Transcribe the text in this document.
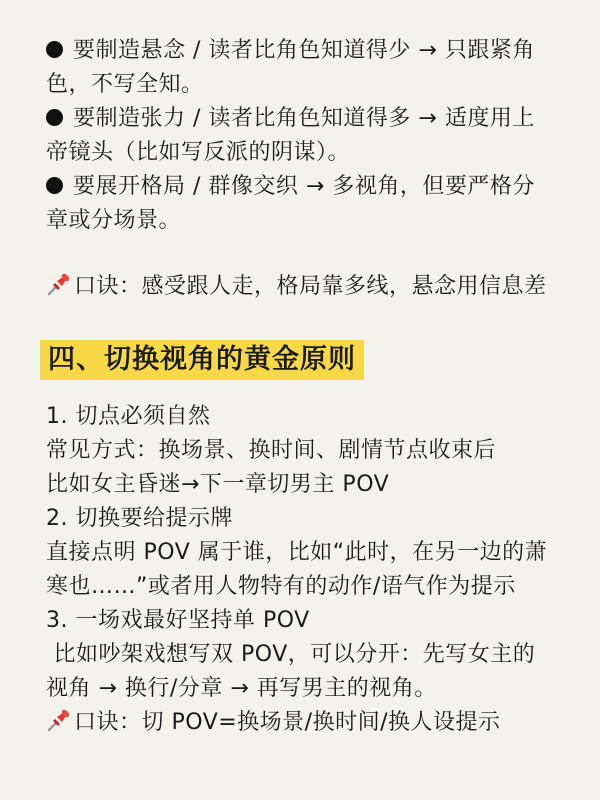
要制造悬念 / 读者比角色知道得少 → 只跟紧角色，不写全知。

要制造张力 / 读者比角色知道得多 → 适度用上帝镜头（比如写反派的阴谋）。

要展开格局 / 群像交织 → 多视角，但要严格分章或分场景。

口诀：感受跟人走，格局靠多线，悬念用信息差

四、切换视角的黄金原则

1. 切点必须自然

常见方式：换场景、换时间、剧情节点收束后

比如女主昏迷→下一章切男主 POV

2. 切换要给提示牌

直接点明 POV 属于谁，比如“此时，在另一边的萧寒也……”或者用人物特有的动作/语气作为提示

3. 一场戏最好坚持单 POV

比如吵架戏想写双 POV，可以分开：先写女主的视角 → 换行/分章 → 再写男主的视角。

口诀：切 POV=换场景/换时间/换人设提示
